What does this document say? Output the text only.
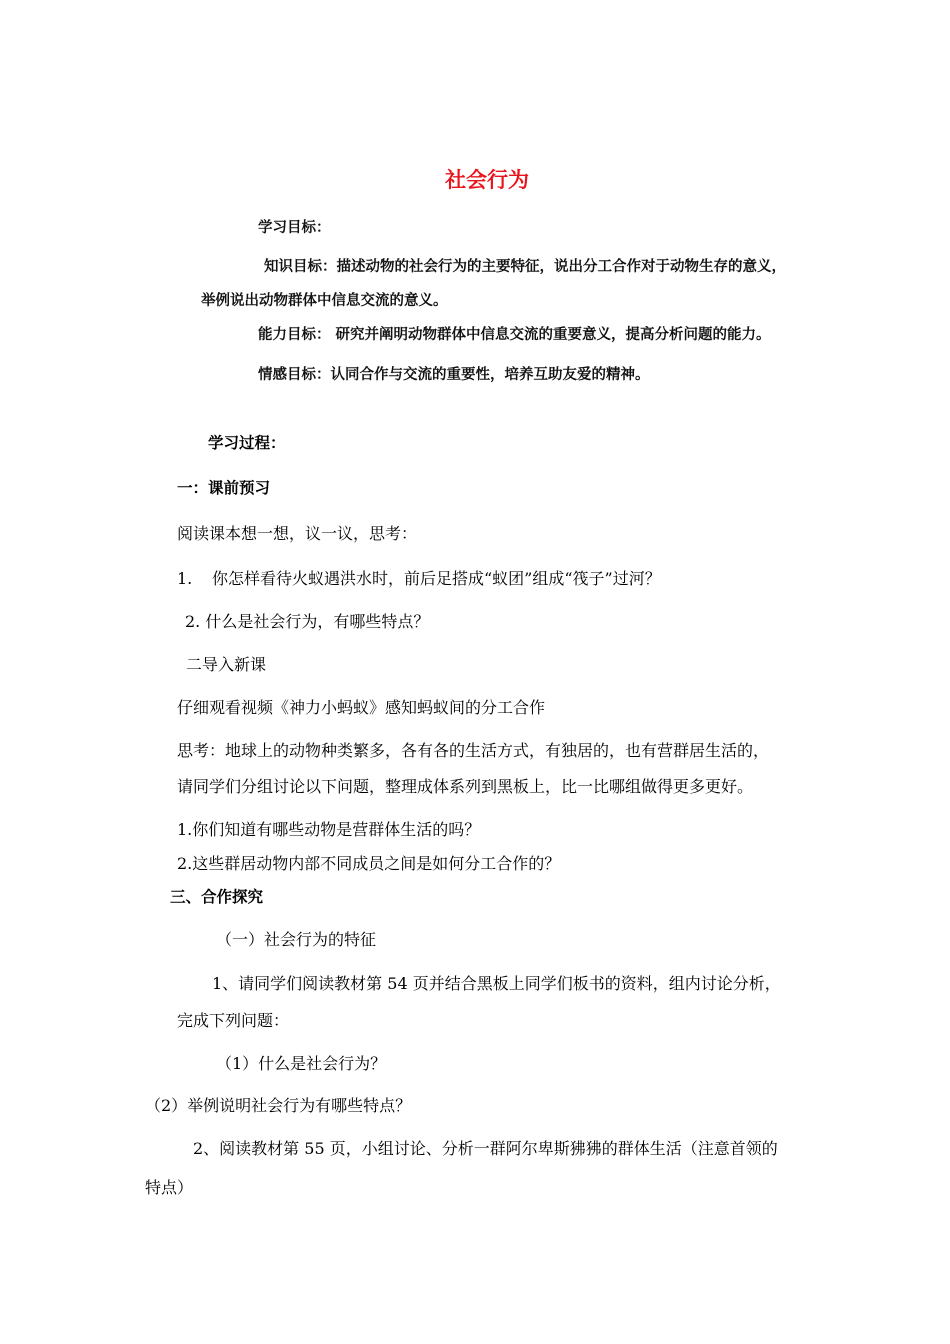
社会行为
学习目标：
知识目标：描述动物的社会行为的主要特征，说出分工合作对于动物生存的意义，
举例说出动物群体中信息交流的意义。
能力目标： 研究并阐明动物群体中信息交流的重要意义，提高分析问题的能力。
情感目标：认同合作与交流的重要性，培养互助友爱的精神。
学习过程：
一：课前预习
阅读课本想一想，议一议，思考：
1. 你怎样看待火蚁遇洪水时，前后足搭成“蚁团”组成“筏子”过河？
2. 什么是社会行为，有哪些特点？
二导入新课
仔细观看视频《神力小蚂蚁》感知蚂蚁间的分工合作
思考：地球上的动物种类繁多，各有各的生活方式，有独居的，也有营群居生活的，
请同学们分组讨论以下问题，整理成体系列到黑板上，比一比哪组做得更多更好。
1.你们知道有哪些动物是营群体生活的吗？
2.这些群居动物内部不同成员之间是如何分工合作的？
三、合作探究
（一）社会行为的特征
1、请同学们阅读教材第 54 页并结合黑板上同学们板书的资料，组内讨论分析，
完成下列问题：
（1）什么是社会行为？
（2）举例说明社会行为有哪些特点？
2、阅读教材第 55 页，小组讨论、分析一群阿尔卑斯狒狒的群体生活（注意首领的
特点）
